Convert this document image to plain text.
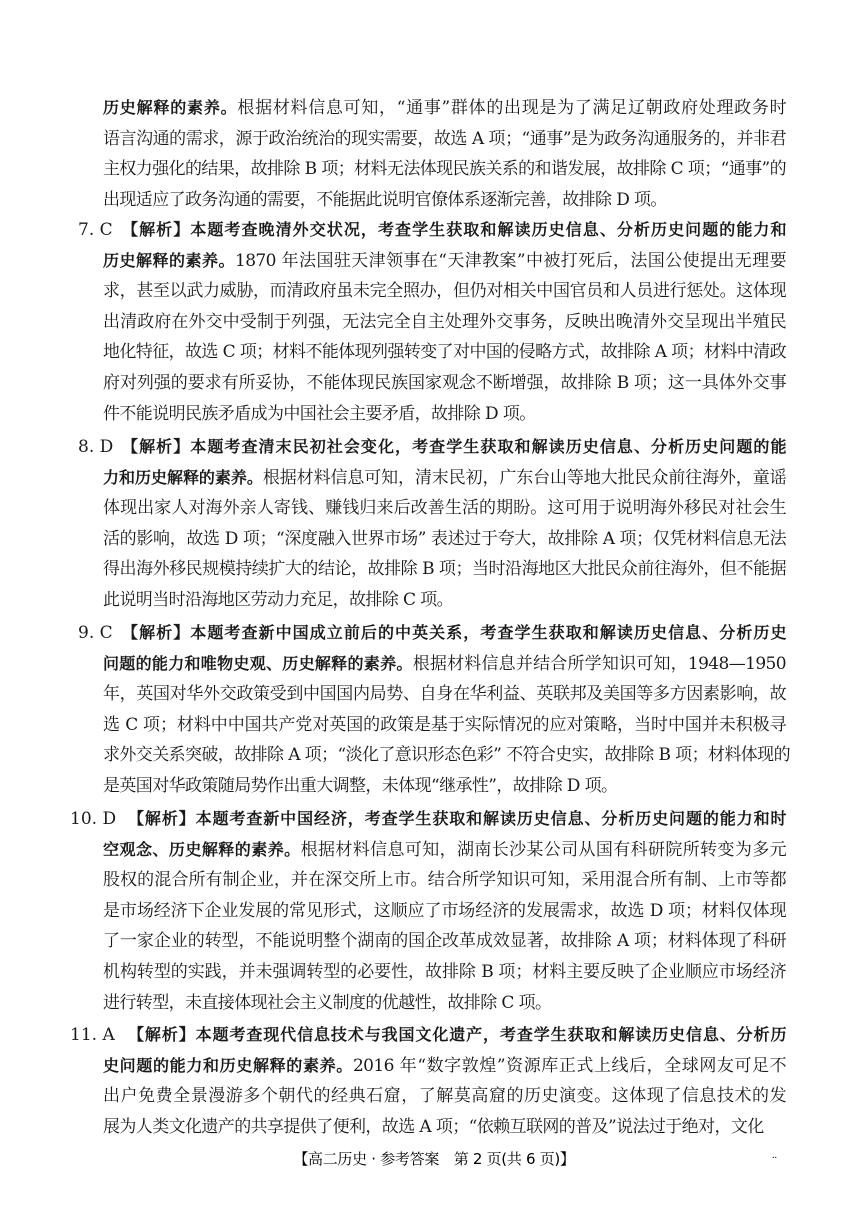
历史解释的素养。根据材料信息可知，“通事”群体的出现是为了满足辽朝政府处理政务时
语言沟通的需求，源于政治统治的现实需要，故选 A 项；“通事”是为政务沟通服务的，并非君
主权力强化的结果，故排除 B 项；材料无法体现民族关系的和谐发展，故排除 C 项；“通事”的
出现适应了政务沟通的需要，不能据此说明官僚体系逐渐完善，故排除 D 项。
7. C 【解析】本题考查晚清外交状况，考查学生获取和解读历史信息、分析历史问题的能力和
历史解释的素养。1870 年法国驻天津领事在“天津教案”中被打死后，法国公使提出无理要
求，甚至以武力威胁，而清政府虽未完全照办，但仍对相关中国官员和人员进行惩处。这体现
出清政府在外交中受制于列强，无法完全自主处理外交事务，反映出晚清外交呈现出半殖民
地化特征，故选 C 项；材料不能体现列强转变了对中国的侵略方式，故排除 A 项；材料中清政
府对列强的要求有所妥协，不能体现民族国家观念不断增强，故排除 B 项；这一具体外交事
件不能说明民族矛盾成为中国社会主要矛盾，故排除 D 项。
8. D 【解析】本题考查清末民初社会变化，考查学生获取和解读历史信息、分析历史问题的能
力和历史解释的素养。根据材料信息可知，清末民初，广东台山等地大批民众前往海外，童谣
体现出家人对海外亲人寄钱、赚钱归来后改善生活的期盼。这可用于说明海外移民对社会生
活的影响，故选 D 项；“深度融入世界市场” 表述过于夸大，故排除 A 项；仅凭材料信息无法
得出海外移民规模持续扩大的结论，故排除 B 项；当时沿海地区大批民众前往海外，但不能据
此说明当时沿海地区劳动力充足，故排除 C 项。
9. C 【解析】本题考查新中国成立前后的中英关系，考查学生获取和解读历史信息、分析历史
问题的能力和唯物史观、历史解释的素养。根据材料信息并结合所学知识可知，1948—1950
年，英国对华外交政策受到中国国内局势、自身在华利益、英联邦及美国等多方因素影响，故
选 C 项；材料中中国共产党对英国的政策是基于实际情况的应对策略，当时中国并未积极寻
求外交关系突破，故排除 A 项；“淡化了意识形态色彩” 不符合史实，故排除 B 项；材料体现的
是英国对华政策随局势作出重大调整，未体现“继承性”，故排除 D 项。
10. D 【解析】本题考查新中国经济，考查学生获取和解读历史信息、分析历史问题的能力和时
空观念、历史解释的素养。根据材料信息可知，湖南长沙某公司从国有科研院所转变为多元
股权的混合所有制企业，并在深交所上市。结合所学知识可知，采用混合所有制、上市等都
是市场经济下企业发展的常见形式，这顺应了市场经济的发展需求，故选 D 项；材料仅体现
了一家企业的转型，不能说明整个湖南的国企改革成效显著，故排除 A 项；材料体现了科研
机构转型的实践，并未强调转型的必要性，故排除 B 项；材料主要反映了企业顺应市场经济
进行转型，未直接体现社会主义制度的优越性，故排除 C 项。
11. A 【解析】本题考查现代信息技术与我国文化遗产，考查学生获取和解读历史信息、分析历
史问题的能力和历史解释的素养。2016 年“数字敦煌”资源库正式上线后，全球网友可足不
出户免费全景漫游多个朝代的经典石窟，了解莫高窟的历史演变。这体现了信息技术的发
展为人类文化遗产的共享提供了便利，故选 A 项；“依赖互联网的普及”说法过于绝对，文化
【高二历史 · 参考答案　第 2 页(共 6 页)】	..
